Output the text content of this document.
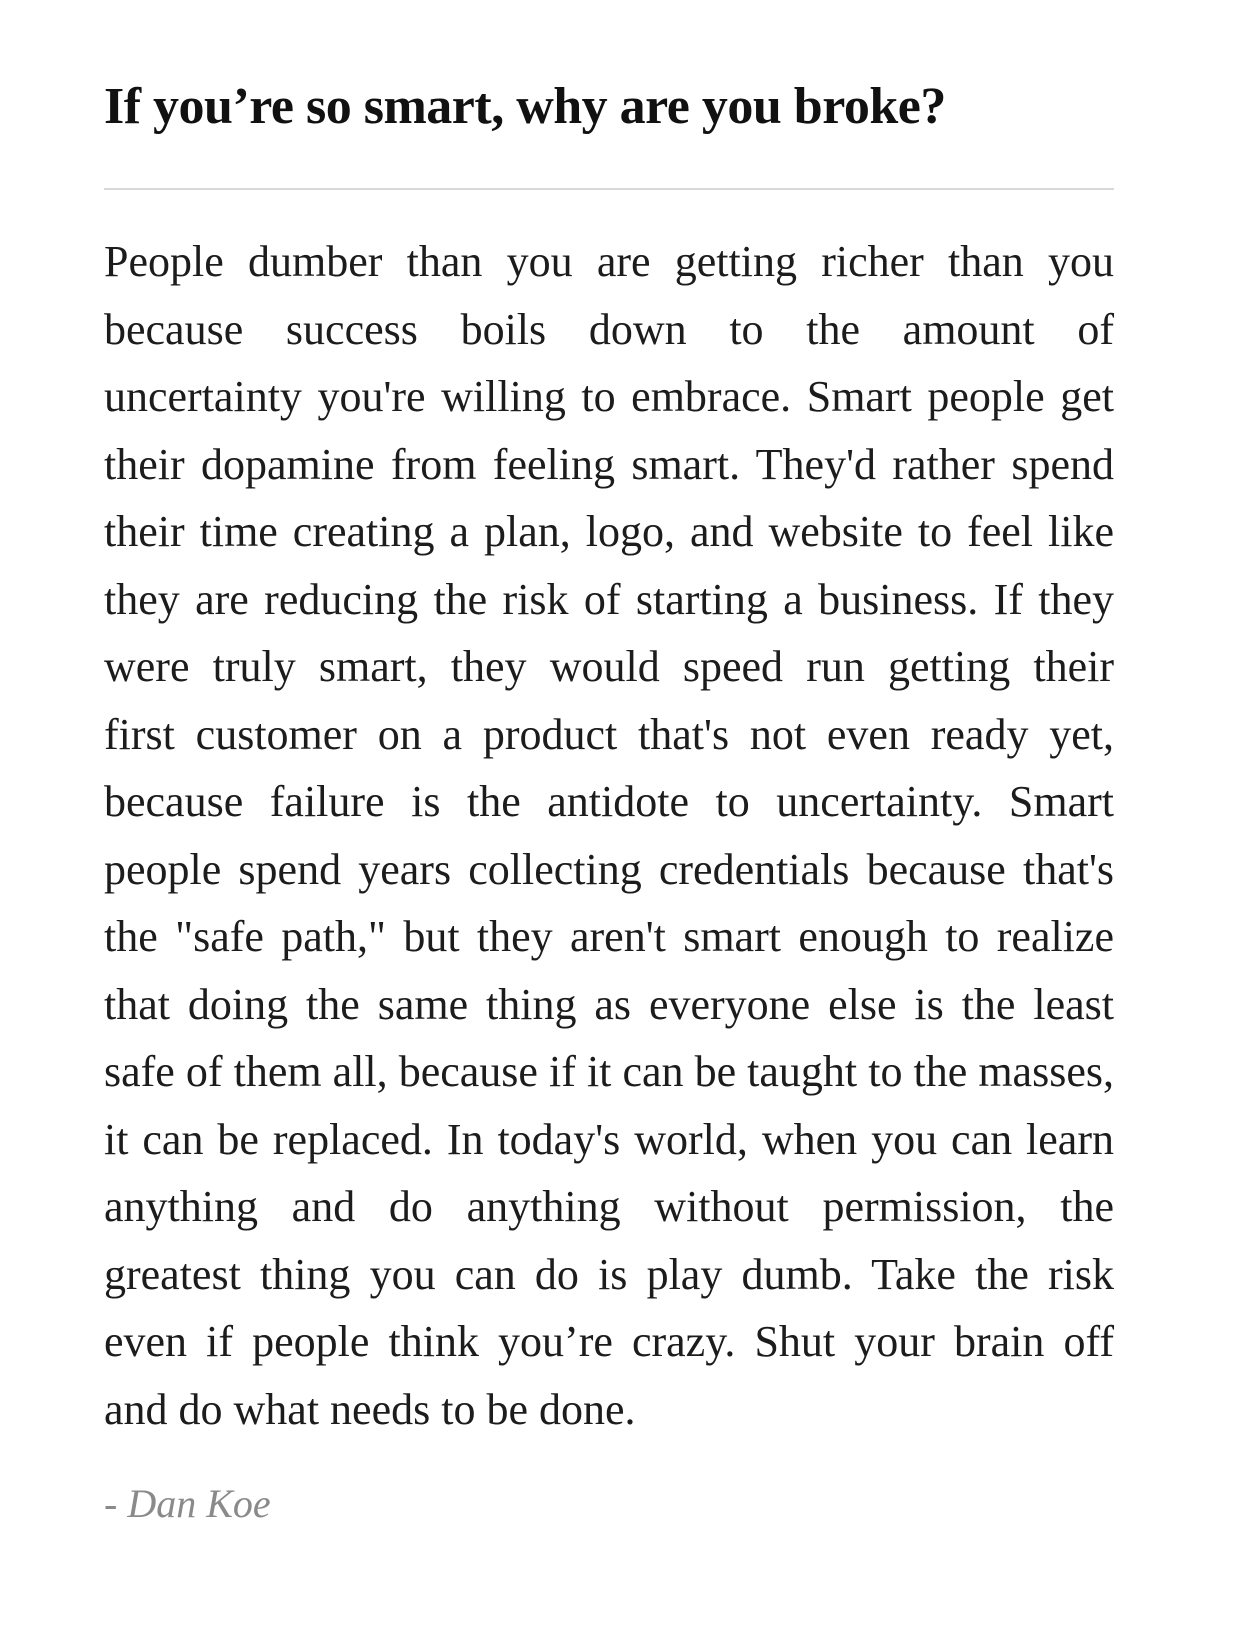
If you’re so smart, why are you broke?
People dumber than you are getting richer than you
because success boils down to the amount of
uncertainty you're willing to embrace. Smart people get
their dopamine from feeling smart. They'd rather spend
their time creating a plan, logo, and website to feel like
they are reducing the risk of starting a business. If they
were truly smart, they would speed run getting their
first customer on a product that's not even ready yet,
because failure is the antidote to uncertainty. Smart
people spend years collecting credentials because that's
the "safe path," but they aren't smart enough to realize
that doing the same thing as everyone else is the least
safe of them all, because if it can be taught to the masses,
it can be replaced. In today's world, when you can learn
anything and do anything without permission, the
greatest thing you can do is play dumb. Take the risk
even if people think you’re crazy. Shut your brain off
and do what needs to be done.

- Dan Koe
